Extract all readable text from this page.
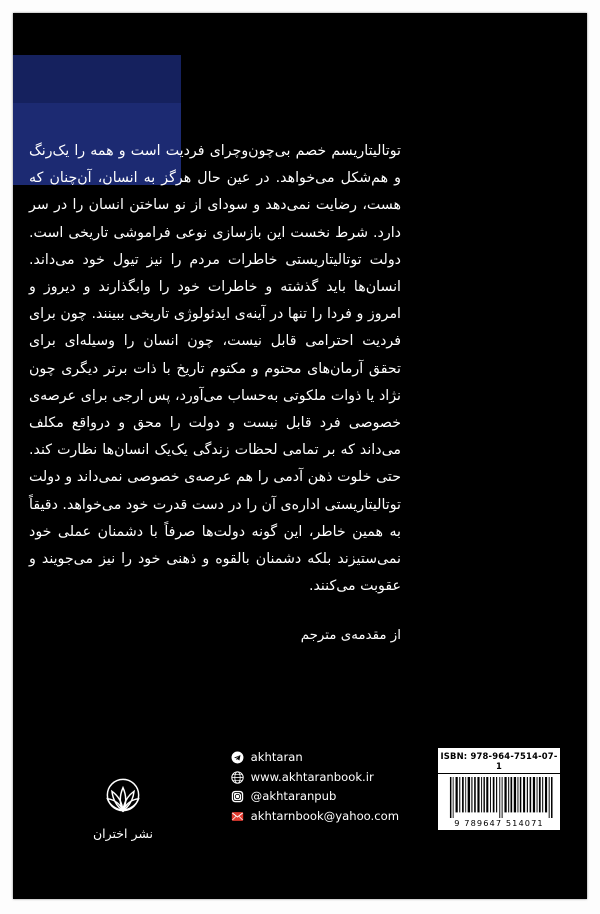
توتالیتاریسم خصم بی‌چون‌وچرای فردیت است و همه را یک‌رنگ و هم‌شکل می‌خواهد. در عین حال هرگز به انسان، آن‌چنان که هست، رضایت نمی‌دهد و سودای از نو ساختن انسان را در سر دارد. شرط نخست این بازسازی نوعی فراموشی تاریخی است. دولت توتالیتاریستی خاطرات مردم را نیز تیول خود می‌داند. انسان‌ها باید گذشته و خاطرات خود را وابگذارند و دیروز و امروز و فردا را تنها در آینه‌ی ایدئولوژی تاریخی ببینند. چون برای فردیت احترامی قابل نیست، چون انسان را وسیله‌ای برای تحقق آرمان‌های محتوم و مکتوم تاریخ با ذات برتر دیگری چون نژاد یا ذوات ملکوتی به‌حساب می‌آورد، پس ارجی برای عرصه‌ی خصوصی فرد قابل نیست و دولت را محق و درواقع مکلف می‌داند که بر تمامی لحظات زندگی یک‌یک انسان‌ها نظارت کند. حتی خلوت ذهن آدمی را هم عرصه‌ی خصوصی نمی‌داند و دولت توتالیتاریستی اداره‌ی آن را در دست قدرت خود می‌خواهد. دقیقاً به همین خاطر، این گونه دولت‌ها صرفاً با دشمنان عملی خود نمی‌ستیزند بلکه دشمنان بالقوه و ذهنی خود را نیز می‌جویند و عقوبت می‌کنند.

از مقدمه‌ی مترجم

نشر اختران
akhtaran
www.akhtaranbook.ir
@akhtaranpub
akhtarnbook@yahoo.com
ISBN: 978-964-7514-07-1
9 789647 514071
